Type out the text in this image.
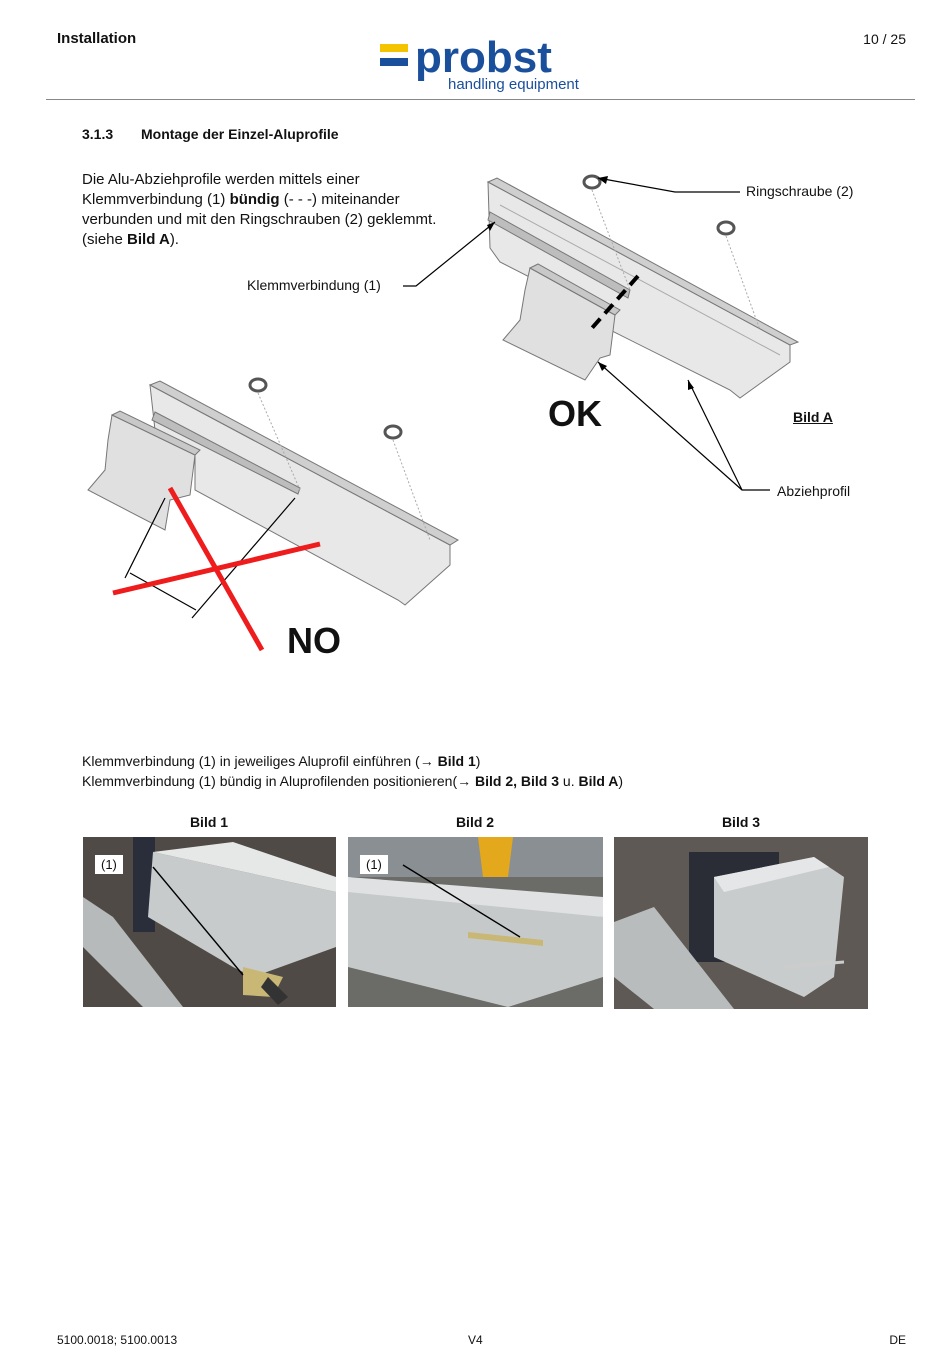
Installation	10 / 25
probst
handling equipment
3.1.3 Montage der Einzel-Aluprofile
Die Alu-Abziehprofile werden mittels einer Klemmverbindung (1) bündig (- - -) miteinander verbunden und mit den Ringschrauben (2) geklemmt. (siehe Bild A).
Ringschraube (2)
Klemmverbindung (1)
Abziehprofil
OK
NO
Bild A
Klemmverbindung (1) in jeweiliges Aluprofil einführen (→ Bild 1)
Klemmverbindung (1) bündig in Aluprofilenden positionieren(→ Bild 2, Bild 3 u. Bild A)
Bild 1	Bild 2	Bild 3
(1)	(1)
5100.0018; 5100.0013	V4	DE
